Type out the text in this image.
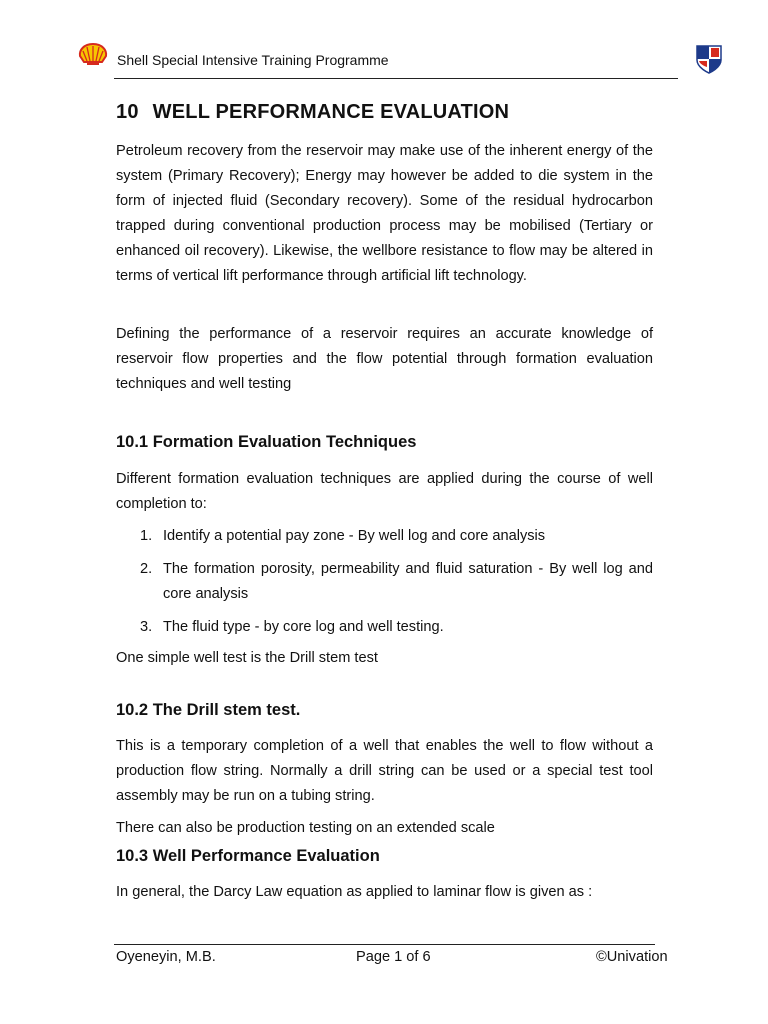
Shell Special Intensive Training Programme
10 WELL PERFORMANCE EVALUATION

Petroleum recovery from the reservoir may make use of the inherent energy of the system (Primary Recovery); Energy may however be added to die system in the form of injected fluid (Secondary recovery). Some of the residual hydrocarbon trapped during conventional production process may be mobilised (Tertiary or enhanced oil recovery). Likewise, the wellbore resistance to flow may be altered in terms of vertical lift performance through artificial lift technology.

Defining the performance of a reservoir requires an accurate knowledge of reservoir flow properties and the flow potential through formation evaluation techniques and well testing

10.1 Formation Evaluation Techniques

Different formation evaluation techniques are applied during the course of well completion to:

1. Identify a potential pay zone - By well log and core analysis
2. The formation porosity, permeability and fluid saturation - By well log and core analysis
3. The fluid type - by core log and well testing.

One simple well test is the Drill stem test

10.2 The Drill stem test.

This is a temporary completion of a well that enables the well to flow without a production flow string. Normally a drill string can be used or a special test tool assembly may be run on a tubing string.

There can also be production testing on an extended scale

10.3 Well Performance Evaluation

In general, the Darcy Law equation as applied to laminar flow is given as :

Oyeneyin, M.B.	Page 1 of 6	©Univation
